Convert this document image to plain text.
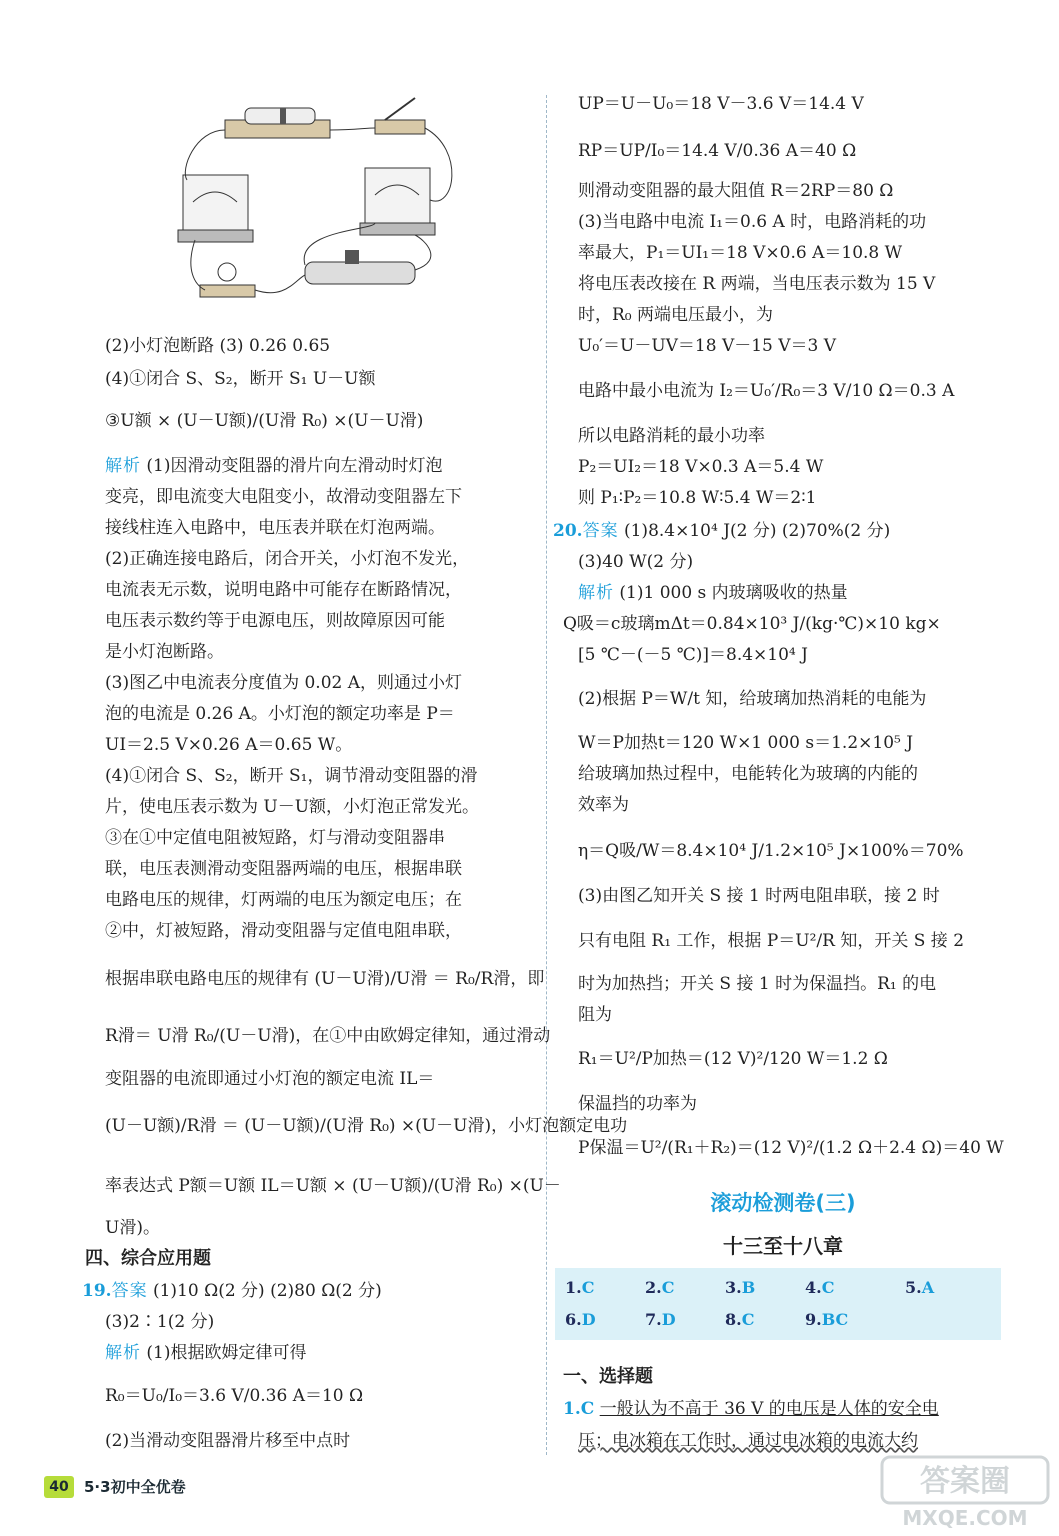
(2)小灯泡断路 (3) 0.26 0.65
(4)①闭合 S、S₂，断开 S₁ U－U额
③U额 × (U－U额)/(U滑 R₀) ×(U－U滑)
解析 (1)因滑动变阻器的滑片向左滑动时灯泡
变亮，即电流变大电阻变小，故滑动变阻器左下
接线柱连入电路中，电压表并联在灯泡两端。
(2)正确连接电路后，闭合开关，小灯泡不发光，
电流表无示数，说明电路中可能存在断路情况，
电压表示数约等于电源电压，则故障原因可能
是小灯泡断路。
(3)图乙中电流表分度值为 0.02 A，则通过小灯
泡的电流是 0.26 A。小灯泡的额定功率是 P＝
UI＝2.5 V×0.26 A＝0.65 W。
(4)①闭合 S、S₂，断开 S₁，调节滑动变阻器的滑
片，使电压表示数为 U－U额，小灯泡正常发光。
③在①中定值电阻被短路，灯与滑动变阻器串
联，电压表测滑动变阻器两端的电压，根据串联
电路电压的规律，灯两端的电压为额定电压；在
②中，灯被短路，滑动变阻器与定值电阻串联，
根据串联电路电压的规律有 (U－U滑)/U滑 ＝ R₀/R滑，即
R滑＝ U滑 R₀/(U－U滑)，在①中由欧姆定律知，通过滑动
变阻器的电流即通过小灯泡的额定电流 IL＝
(U－U额)/R滑 ＝ (U－U额)/(U滑 R₀) ×(U－U滑)，小灯泡额定电功
率表达式 P额＝U额 IL＝U额 × (U－U额)/(U滑 R₀) ×(U－
U滑)。
四、综合应用题
19.答案 (1)10 Ω(2 分) (2)80 Ω(2 分)
(3)2∶1(2 分)
解析 (1)根据欧姆定律可得
R₀＝U₀/I₀＝3.6 V/0.36 A＝10 Ω
(2)当滑动变阻器滑片移至中点时
UP＝U－U₀＝18 V－3.6 V＝14.4 V
RP＝UP/I₀＝14.4 V/0.36 A＝40 Ω
则滑动变阻器的最大阻值 R＝2RP＝80 Ω
(3)当电路中电流 I₁＝0.6 A 时，电路消耗的功
率最大，P₁＝UI₁＝18 V×0.6 A＝10.8 W
将电压表改接在 R 两端，当电压表示数为 15 V
时，R₀ 两端电压最小，为
U₀′＝U－UV＝18 V－15 V＝3 V
电路中最小电流为 I₂＝U₀′/R₀＝3 V/10 Ω＝0.3 A
所以电路消耗的最小功率
P₂＝UI₂＝18 V×0.3 A＝5.4 W
则 P₁∶P₂＝10.8 W∶5.4 W＝2∶1
20.答案 (1)8.4×10⁴ J(2 分) (2)70%(2 分)
(3)40 W(2 分)
解析 (1)1 000 s 内玻璃吸收的热量
Q吸＝c玻璃mΔt＝0.84×10³ J/(kg·℃)×10 kg×
[5 ℃－(－5 ℃)]＝8.4×10⁴ J
(2)根据 P＝W/t 知，给玻璃加热消耗的电能为
W＝P加热t＝120 W×1 000 s＝1.2×10⁵ J
给玻璃加热过程中，电能转化为玻璃的内能的
效率为
η＝Q吸/W＝8.4×10⁴ J/1.2×10⁵ J×100%＝70%
(3)由图乙知开关 S 接 1 时两电阻串联，接 2 时
只有电阻 R₁ 工作，根据 P＝U²/R 知，开关 S 接 2
时为加热挡；开关 S 接 1 时为保温挡。R₁ 的电
阻为
R₁＝U²/P加热＝(12 V)²/120 W＝1.2 Ω
保温挡的功率为
P保温＝U²/(R₁＋R₂)＝(12 V)²/(1.2 Ω＋2.4 Ω)＝40 W
滚动检测卷(三)
十三至十八章
1.C	2.C	3.B	4.C	5.A
6.D	7.D	8.C	9.BC
一、选择题
1.C 一般认为不高于 36 V 的电压是人体的安全电
压；电冰箱在工作时，通过电冰箱的电流大约
40	5·3初中全优卷	答案圈
MXQE.COM
